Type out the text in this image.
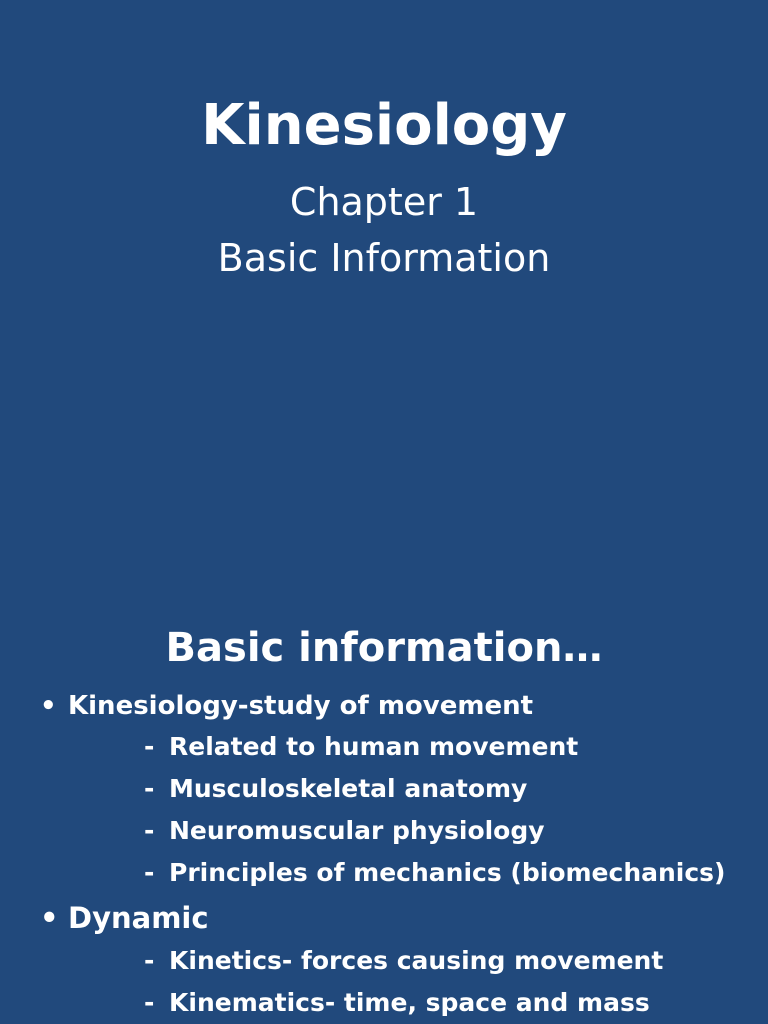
Kinesiology
Chapter 1
Basic Information
Basic information…
• Kinesiology-study of movement
- Related to human movement
- Musculoskeletal anatomy
- Neuromuscular physiology
- Principles of mechanics (biomechanics)
• Dynamic
- Kinetics- forces causing movement
- Kinematics- time, space and mass
